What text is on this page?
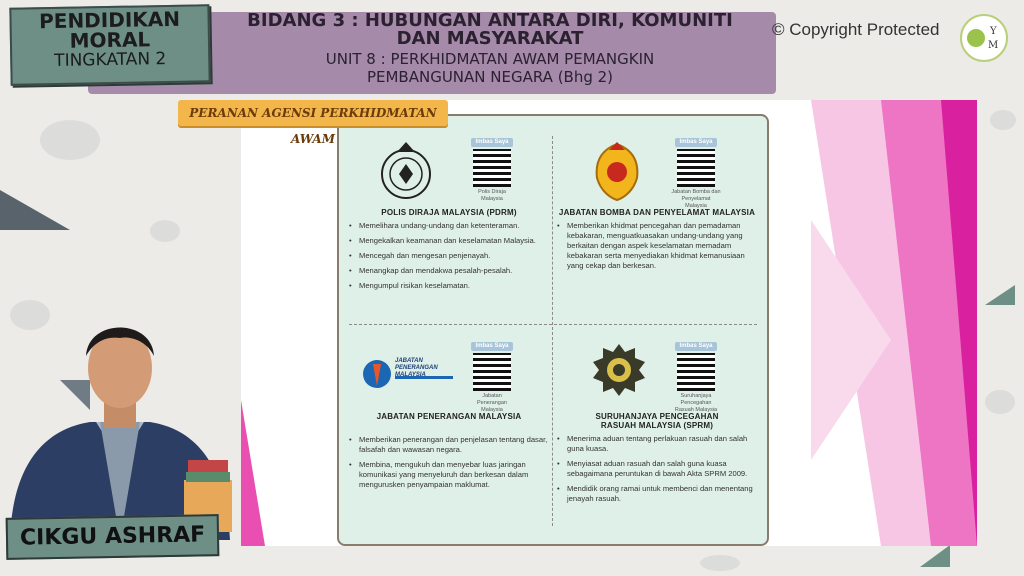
PENDIDIKAN
MORAL
TINGKATAN 2
BIDANG 3 : HUBUNGAN ANTARA DIRI, KOMUNITI
DAN MASYARAKAT
UNIT 8 : PERKHIDMATAN AWAM PEMANGKIN
PEMBANGUNAN NEGARA (Bhg 2)
© Copyright Protected	Y
M
Imbas Saya
Polis Diraja Malaysia
POLIS DIRAJA MALAYSIA (PDRM)
• Memelihara undang-undang dan ketenteraman.
• Mengekalkan keamanan dan keselamatan Malaysia.
• Mencegah dan mengesan penjenayah.
• Menangkap dan mendakwa pesalah-pesalah.
• Mengumpul risikan keselamatan.
Imbas Saya
Jabatan Bomba dan Penyelamat Malaysia
JABATAN BOMBA DAN PENYELAMAT MALAYSIA
• Memberikan khidmat pencegahan dan pemadaman kebakaran, menguatkuasakan undang-undang yang berkaitan dengan aspek keselamatan memadam kebakaran serta menyediakan khidmat kemanusiaan yang cekap dan berkesan.
JABATAN PENERANGAN MALAYSIA
Imbas Saya
Jabatan Penerangan Malaysia
JABATAN PENERANGAN MALAYSIA
• Memberikan penerangan dan penjelasan tentang dasar, falsafah dan wawasan negara.
• Membina, mengukuh dan menyebar luas jaringan komunikasi yang menyeluruh dan berkesan dalam mengurusken penyampaian maklumat.
Imbas Saya
Suruhanjaya Pencegahan Rasuah Malaysia
SURUHANJAYA PENCEGAHAN
RASUAH MALAYSIA (SPRM)
• Menerima aduan tentang perlakuan rasuah dan salah guna kuasa.
• Menyiasat aduan rasuah dan salah guna kuasa sebagaimana peruntukan di bawah Akta SPRM 2009.
• Mendidik orang ramai untuk membenci dan menentang jenayah rasuah.
PERANAN AGENSI PERKHIDMATAN AWAM
CIKGU ASHRAF
